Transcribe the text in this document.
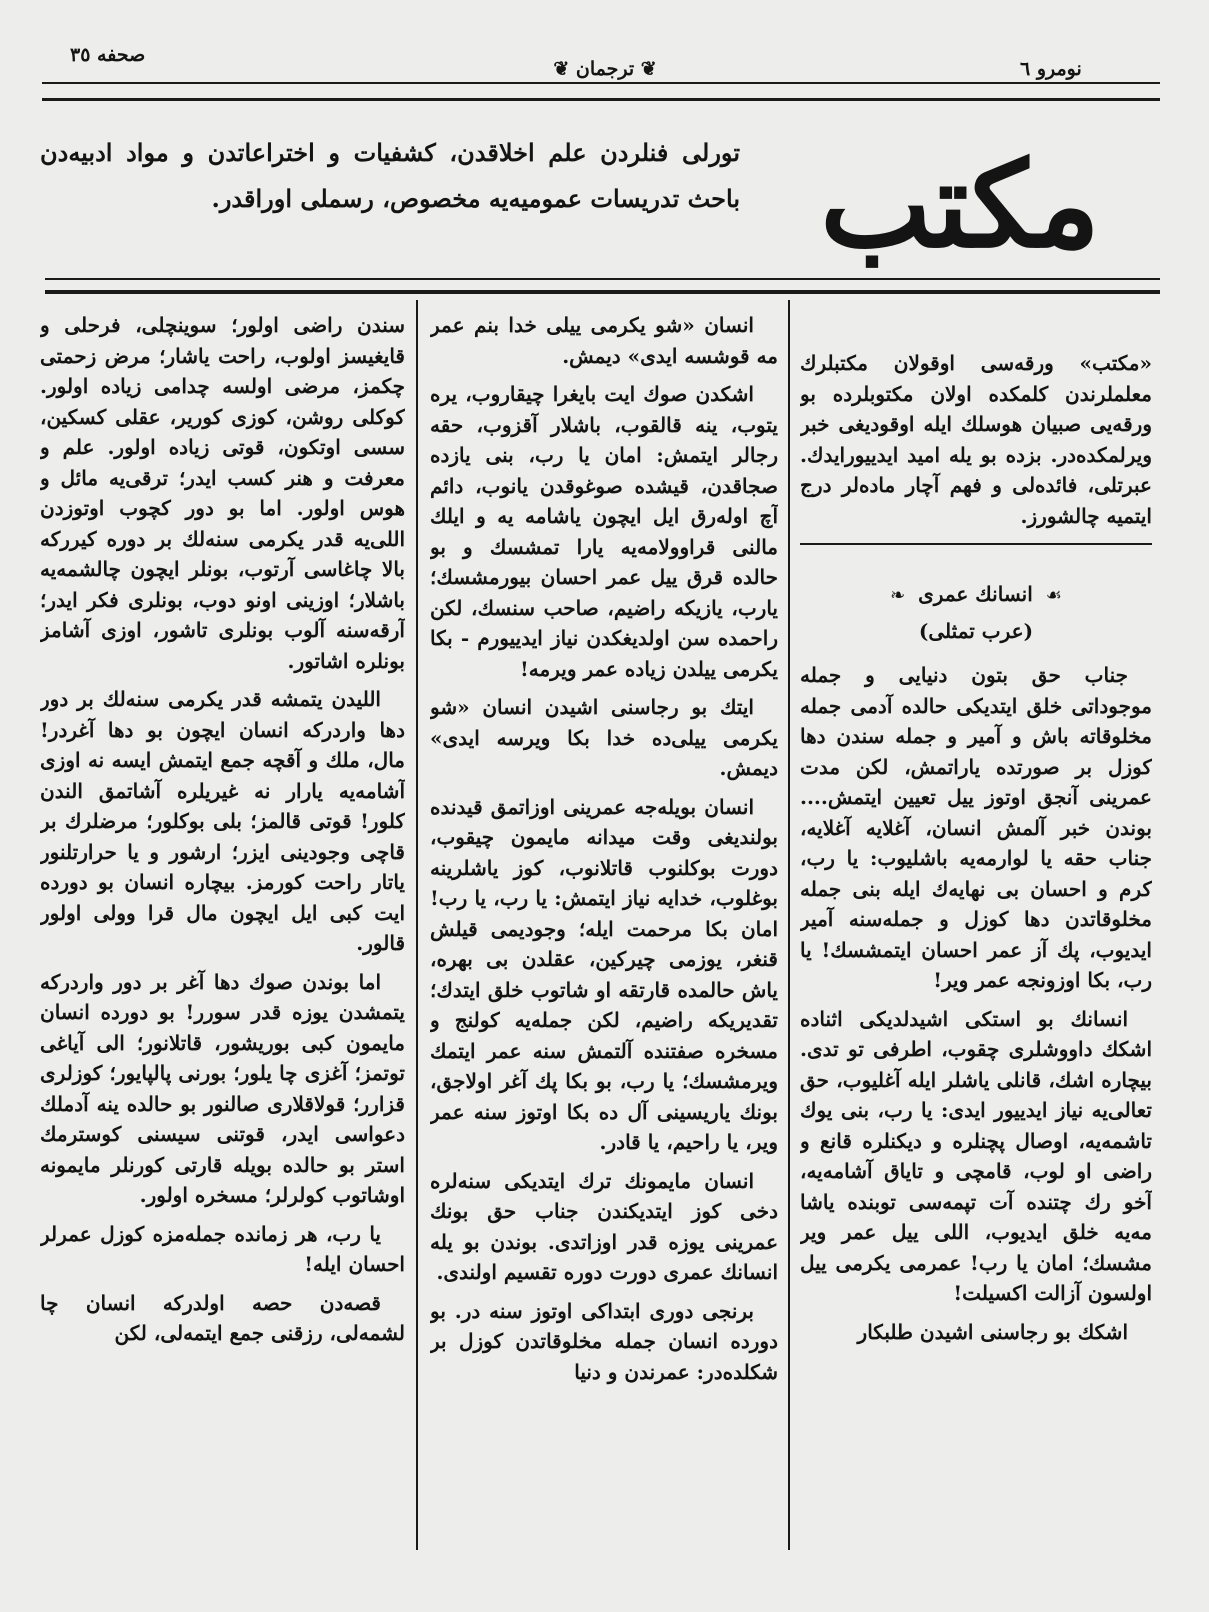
نومرو ٦
❦ ترجمان ❦
صحفه ٣٥
مکتب
تورلی فنلردن علم اخلاقدن، کشفیات و اختراعاتدن و مواد ادبیه‌دن باحث تدریسات عمومیه‌یه مخصوص، رسملی اوراقدر.

«مکتب» ورقه‌سی اوقولان مکتبلرك معلملرندن کلمکده اولان مکتوبلرده بو ورقه‌یی صبیان هوسلك ایله اوقودیغی خبر ویرلمکده‌در. بزده بو یله امید ایدییورایدك. عبرتلی، فائده‌لی و فهم آچار ماده‌لر درج ایتمیه چالشورز.

☙ انسانك عمری ❧
(عرب تمثلی)

جناب حق بتون دنیایی و جمله موجوداتی خلق ایتدیکی حالده آدمی جمله مخلوقاته باش و آمیر و جمله سندن دها کوزل بر صورتده یاراتمش، لکن مدت عمرینی آنجق اوتوز ییل تعیین ایتمش.... بوندن خبر آلمش انسان، آغلایه آغلایه، جناب حقه یا لوارمه‌یه باشلیوب: یا رب، کرم و احسان بی نهایه‌ك ایله بنی جمله مخلوقاتدن دها کوزل و جمله‌سنه آمیر ایدیوب، پك آز عمر احسان ایتمشسك! یا رب، بکا اوزونجه عمر ویر!

انسانك بو استکی اشیدلدیکی اثناده اشکك داووشلری چقوب، اطرفی تو تدی. بیچاره اشك، قانلی یاشلر ایله آغلیوب، حق تعالی‌یه نیاز ایدییور ایدی: یا رب، بنی یوك تاشمه‌یه، اوصال پچنلره و دیکنلره قانع و راضی او لوب، قامچی و تایاق آشامه‌یه، آخو رك چتنده آت تپمه‌سی توبنده یاشا مه‌یه خلق ایدیوب، اللی ییل عمر ویر مشسك؛ امان یا رب! عمرمی یکرمی ییل اولسون آزالت اکسیلت!

اشکك بو رجاسنی اشیدن طلبکار

انسان «شو یکرمی ییلی خدا بنم عمر مه قوشسه ایدی» دیمش.

اشکدن صوك ایت بایغرا چیقاروب، یره یتوب، ینه قالقوب، باشلار آقزوب، حقه رجالر ایتمش: امان یا رب، بنی یازده صجاقدن، قیشده صوغوقدن یانوب، دائم آچ اوله‌رق ایل ایچون یاشامه یه و ایلك مالنی قراوولامه‌یه یارا تمشسك و بو حالده قرق ییل عمر احسان بیورمشسك؛ یارب، یازیکه راضیم، صاحب سنسك، لکن راحمده سن اولدیغکدن نیاز ایدییورم - بکا یکرمی ییلدن زیاده عمر ویرمه!

ایتك بو رجاسنی اشیدن انسان «شو یکرمی ییلی‌ده خدا بکا ویرسه ایدی» دیمش.

انسان بویله‌جه عمرینی اوزاتمق قیدنده بولندیغی وقت میدانه مایمون چیقوب، دورت بوکلنوب قاتلانوب، کوز یاشلرینه بوغلوب، خدایه نیاز ایتمش: یا رب، یا رب! امان بکا مرحمت ایله؛ وجودیمی قیلش قنغر، یوزمی چیرکین، عقلدن بی بهره، یاش حالمده قارتقه او شاتوب خلق ایتدك؛ تقدیریکه راضیم، لکن جمله‌یه کولنج و مسخره صفتنده آلتمش سنه عمر ایتمك ویرمشسك؛ یا رب، بو بکا پك آغر اولاجق، بونك یاریسینی آل ده بکا اوتوز سنه عمر ویر، یا راحیم، یا قادر.

انسان مایمونك ترك ایتدیکی سنه‌لره دخی کوز ایتدیکندن جناب حق بونك عمرینی یوزه قدر اوزاتدی. بوندن بو یله انسانك عمری دورت دوره تقسیم اولندی.

برنجی دوری ابتداکی اوتوز سنه در. بو دورده انسان جمله مخلوقاتدن کوزل بر شکلده‌در: عمرندن و دنیا

سندن راضی اولور؛ سوینچلی، فرحلی و قایغیسز اولوب، راحت یاشار؛ مرض زحمتی چکمز، مرضی اولسه چدامی زیاده اولور. کوکلی روشن، کوزی کوریر، عقلی کسکین، سسی اوتکون، قوتی زیاده اولور. علم و معرفت و هنر کسب ایدر؛ ترقی‌یه مائل و هوس اولور. اما بو دور کچوب اوتوزدن اللی‌یه قدر یکرمی سنه‌لك بر دوره کیررکه بالا چاغاسی آرتوب، بونلر ایچون چالشمه‌یه باشلار؛ اوزینی اونو دوب، بونلری فکر ایدر؛ آرقه‌سنه آلوب بونلری تاشور، اوزی آشامز بونلره اشاتور.

اللیدن یتمشه قدر یکرمی سنه‌لك بر دور دها واردرکه انسان ایچون بو دها آغردر! مال، ملك و آقچه جمع ایتمش ایسه نه اوزی آشامه‌یه یارار نه غیریلره آشاتمق الندن کلور! قوتی قالمز؛ بلی بوکلور؛ مرضلرك بر قاچی وجودینی ایزر؛ ارشور و یا حرارتلنور یاتار راحت کورمز. بیچاره انسان بو دورده ایت کبی ایل ایچون مال قرا وولی اولور قالور.

اما بوندن صوك دها آغر بر دور واردرکه یتمشدن یوزه قدر سورر! بو دورده انسان مایمون کبی بوریشور، قاتلانور؛ الی آیاغی توتمز؛ آغزی چا یلور؛ بورنی پالپایور؛ کوزلری قزارر؛ قولاقلاری صالنور بو حالده ینه آدملك دعواسی ایدر، قوتنی سیسنی کوسترمك استر بو حالده بویله قارتی کورنلر مایمونه اوشاتوب کولرلر؛ مسخره اولور.

یا رب، هر زمانده جمله‌مزه کوزل عمرلر احسان ایله!

قصه‌دن حصه اولدرکه انسان چا لشمه‌لی، رزقنی جمع ایتمه‌لی، لکن
